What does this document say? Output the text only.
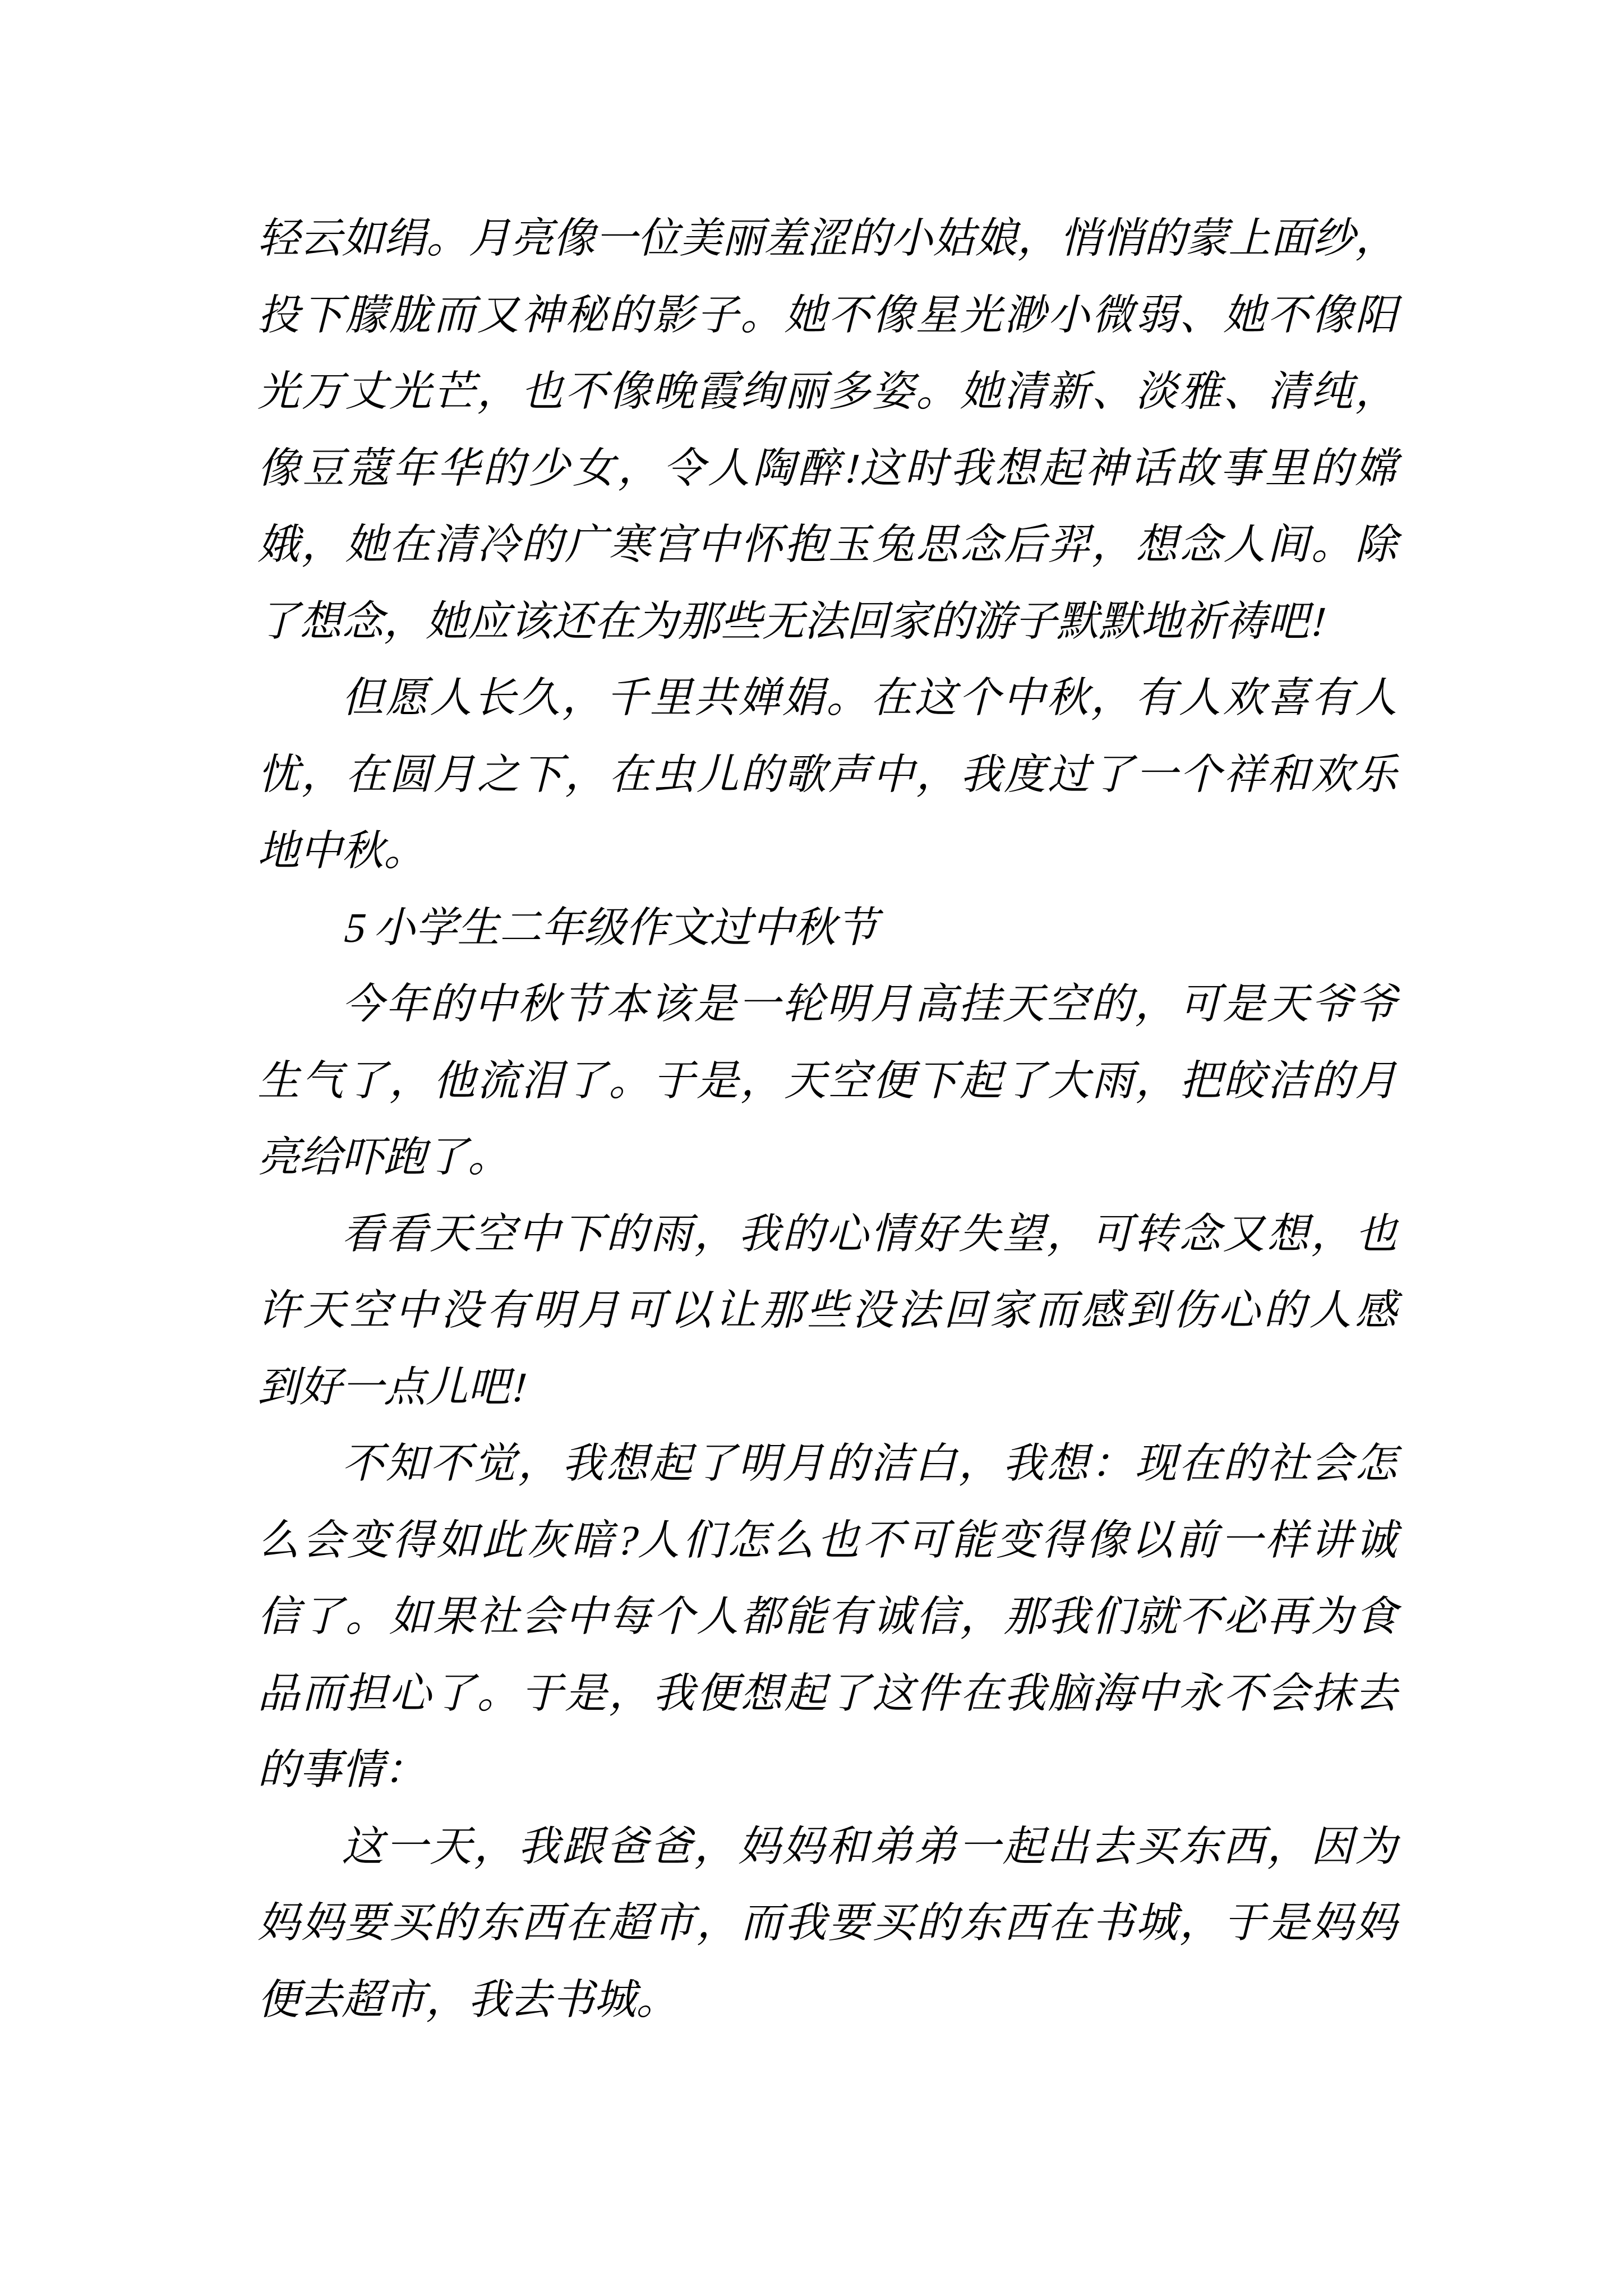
轻云如绢。月亮像一位美丽羞涩的小姑娘，悄悄的蒙上面纱，
投下朦胧而又神秘的影子。她不像星光渺小微弱、她不像阳
光万丈光芒，也不像晚霞绚丽多姿。她清新、淡雅、清纯，
像豆蔻年华的少女，令人陶醉!这时我想起神话故事里的嫦
娥，她在清冷的广寒宫中怀抱玉兔思念后羿，想念人间。除
了想念，她应该还在为那些无法回家的游子默默地祈祷吧!
但愿人长久，千里共婵娟。在这个中秋，有人欢喜有人
忧，在圆月之下，在虫儿的歌声中，我度过了一个祥和欢乐
地中秋。
5 小学生二年级作文过中秋节
今年的中秋节本该是一轮明月高挂天空的，可是天爷爷
生气了，他流泪了。于是，天空便下起了大雨，把皎洁的月
亮给吓跑了。
看看天空中下的雨，我的心情好失望，可转念又想，也
许天空中没有明月可以让那些没法回家而感到伤心的人感
到好一点儿吧!
不知不觉，我想起了明月的洁白，我想：现在的社会怎
么会变得如此灰暗?人们怎么也不可能变得像以前一样讲诚
信了。如果社会中每个人都能有诚信，那我们就不必再为食
品而担心了。于是，我便想起了这件在我脑海中永不会抹去
的事情：
这一天，我跟爸爸，妈妈和弟弟一起出去买东西，因为
妈妈要买的东西在超市，而我要买的东西在书城，于是妈妈
便去超市，我去书城。
